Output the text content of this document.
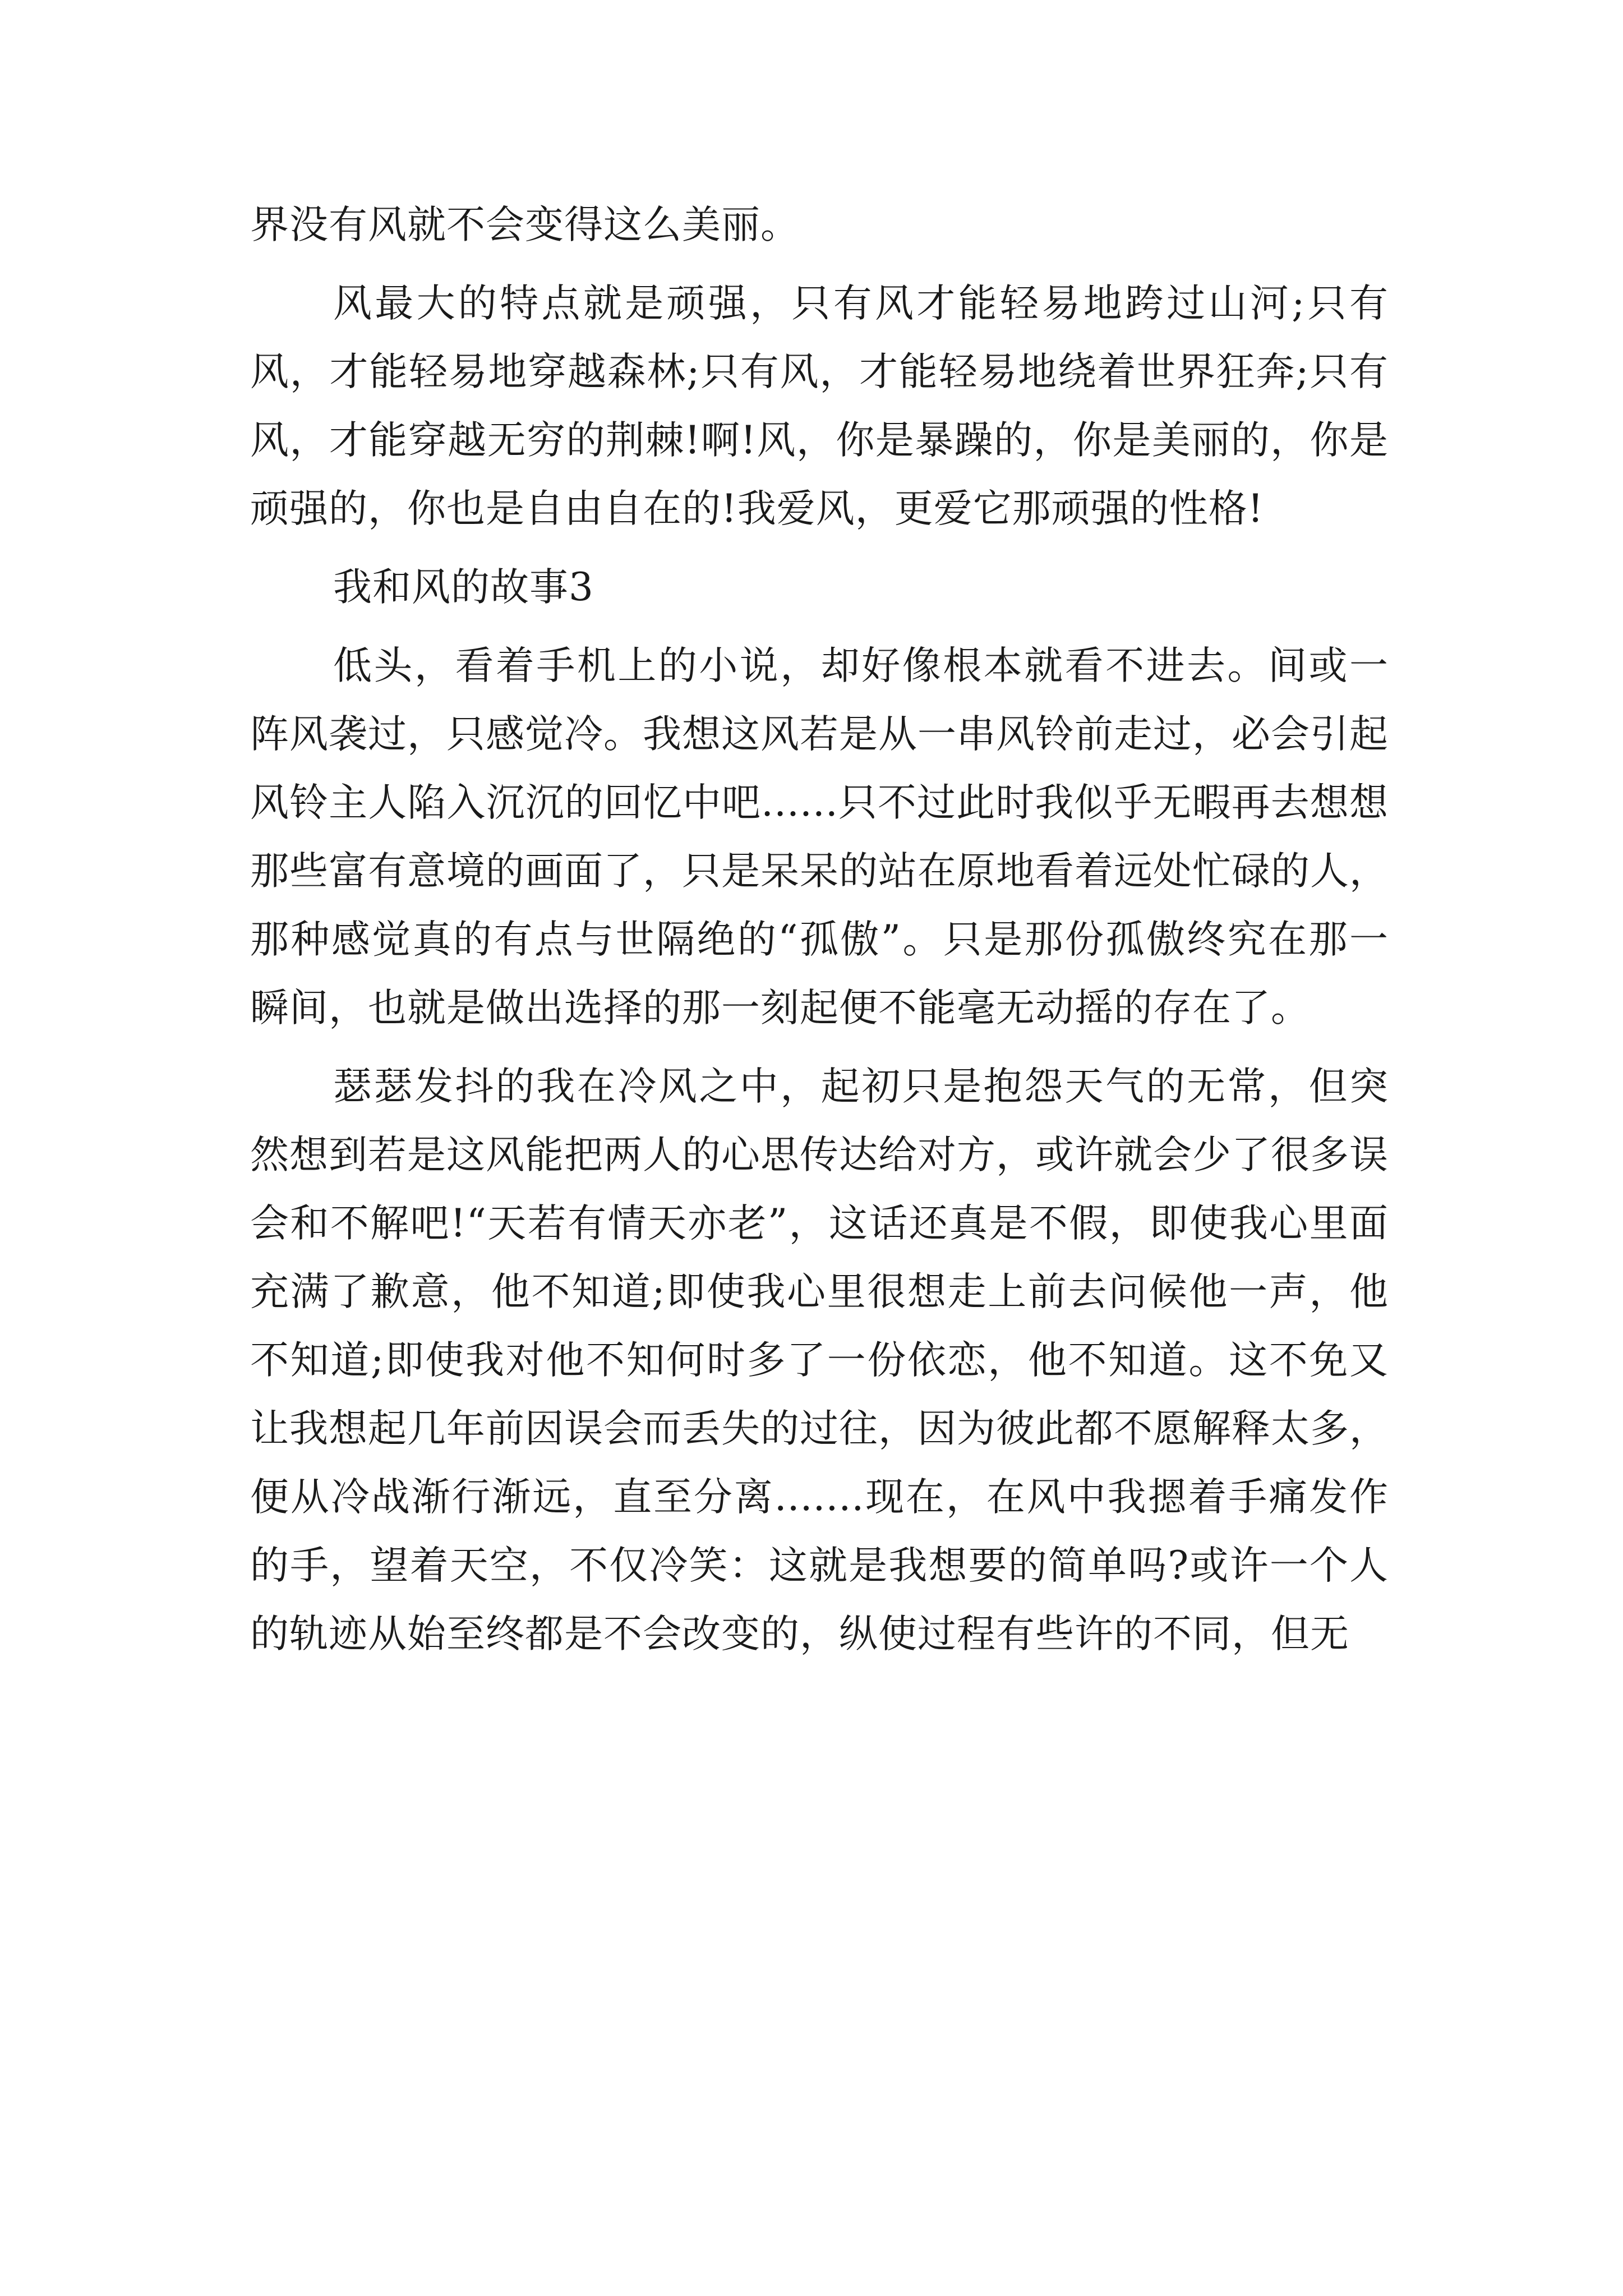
界没有风就不会变得这么美丽。

风最大的特点就是顽强，只有风才能轻易地跨过山河;只有风，才能轻易地穿越森林;只有风，才能轻易地绕着世界狂奔;只有风，才能穿越无穷的荆棘!啊!风，你是暴躁的，你是美丽的，你是顽强的，你也是自由自在的!我爱风，更爱它那顽强的性格!

我和风的故事3

低头，看着手机上的小说，却好像根本就看不进去。间或一阵风袭过，只感觉冷。我想这风若是从一串风铃前走过，必会引起风铃主人陷入沉沉的回忆中吧......只不过此时我似乎无暇再去想想那些富有意境的画面了，只是呆呆的站在原地看着远处忙碌的人，那种感觉真的有点与世隔绝的“孤傲”。只是那份孤傲终究在那一瞬间，也就是做出选择的那一刻起便不能毫无动摇的存在了。

瑟瑟发抖的我在冷风之中，起初只是抱怨天气的无常，但突然想到若是这风能把两人的心思传达给对方，或许就会少了很多误会和不解吧!“天若有情天亦老”，这话还真是不假，即使我心里面充满了歉意，他不知道;即使我心里很想走上前去问候他一声，他不知道;即使我对他不知何时多了一份依恋，他不知道。这不免又让我想起几年前因误会而丢失的过往，因为彼此都不愿解释太多，便从冷战渐行渐远，直至分离.......现在，在风中我摁着手痛发作的手，望着天空，不仅冷笑：这就是我想要的简单吗?或许一个人的轨迹从始至终都是不会改变的，纵使过程有些许的不同，但无
